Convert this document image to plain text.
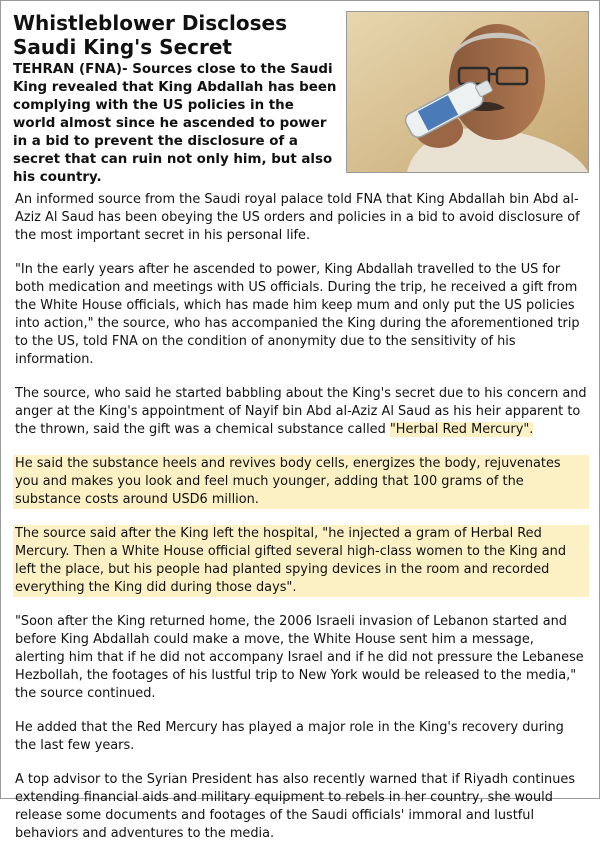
Whistleblower Discloses Saudi King's Secret

TEHRAN (FNA)- Sources close to the Saudi King revealed that King Abdallah has been complying with the US policies in the world almost since he ascended to power in a bid to prevent the disclosure of a secret that can ruin not only him, but also his country.

An informed source from the Saudi royal palace told FNA that King Abdallah bin Abd al-Aziz Al Saud has been obeying the US orders and policies in a bid to avoid disclosure of the most important secret in his personal life.

"In the early years after he ascended to power, King Abdallah travelled to the US for both medication and meetings with US officials. During the trip, he received a gift from the White House officials, which has made him keep mum and only put the US policies into action," the source, who has accompanied the King during the aforementioned trip to the US, told FNA on the condition of anonymity due to the sensitivity of his information.

The source, who said he started babbling about the King's secret due to his concern and anger at the King's appointment of Nayif bin Abd al-Aziz Al Saud as his heir apparent to the thrown, said the gift was a chemical substance called "Herbal Red Mercury".

He said the substance heels and revives body cells, energizes the body, rejuvenates you and makes you look and feel much younger, adding that 100 grams of the substance costs around USD6 million.

The source said after the King left the hospital, "he injected a gram of Herbal Red Mercury. Then a White House official gifted several high-class women to the King and left the place, but his people had planted spying devices in the room and recorded everything the King did during those days".

"Soon after the King returned home, the 2006 Israeli invasion of Lebanon started and before King Abdallah could make a move, the White House sent him a message, alerting him that if he did not accompany Israel and if he did not pressure the Lebanese Hezbollah, the footages of his lustful trip to New York would be released to the media," the source continued.

He added that the Red Mercury has played a major role in the King's recovery during the last few years.

A top advisor to the Syrian President has also recently warned that if Riyadh continues extending financial aids and military equipment to rebels in her country, she would release some documents and footages of the Saudi officials' immoral and lustful behaviors and adventures to the media.
